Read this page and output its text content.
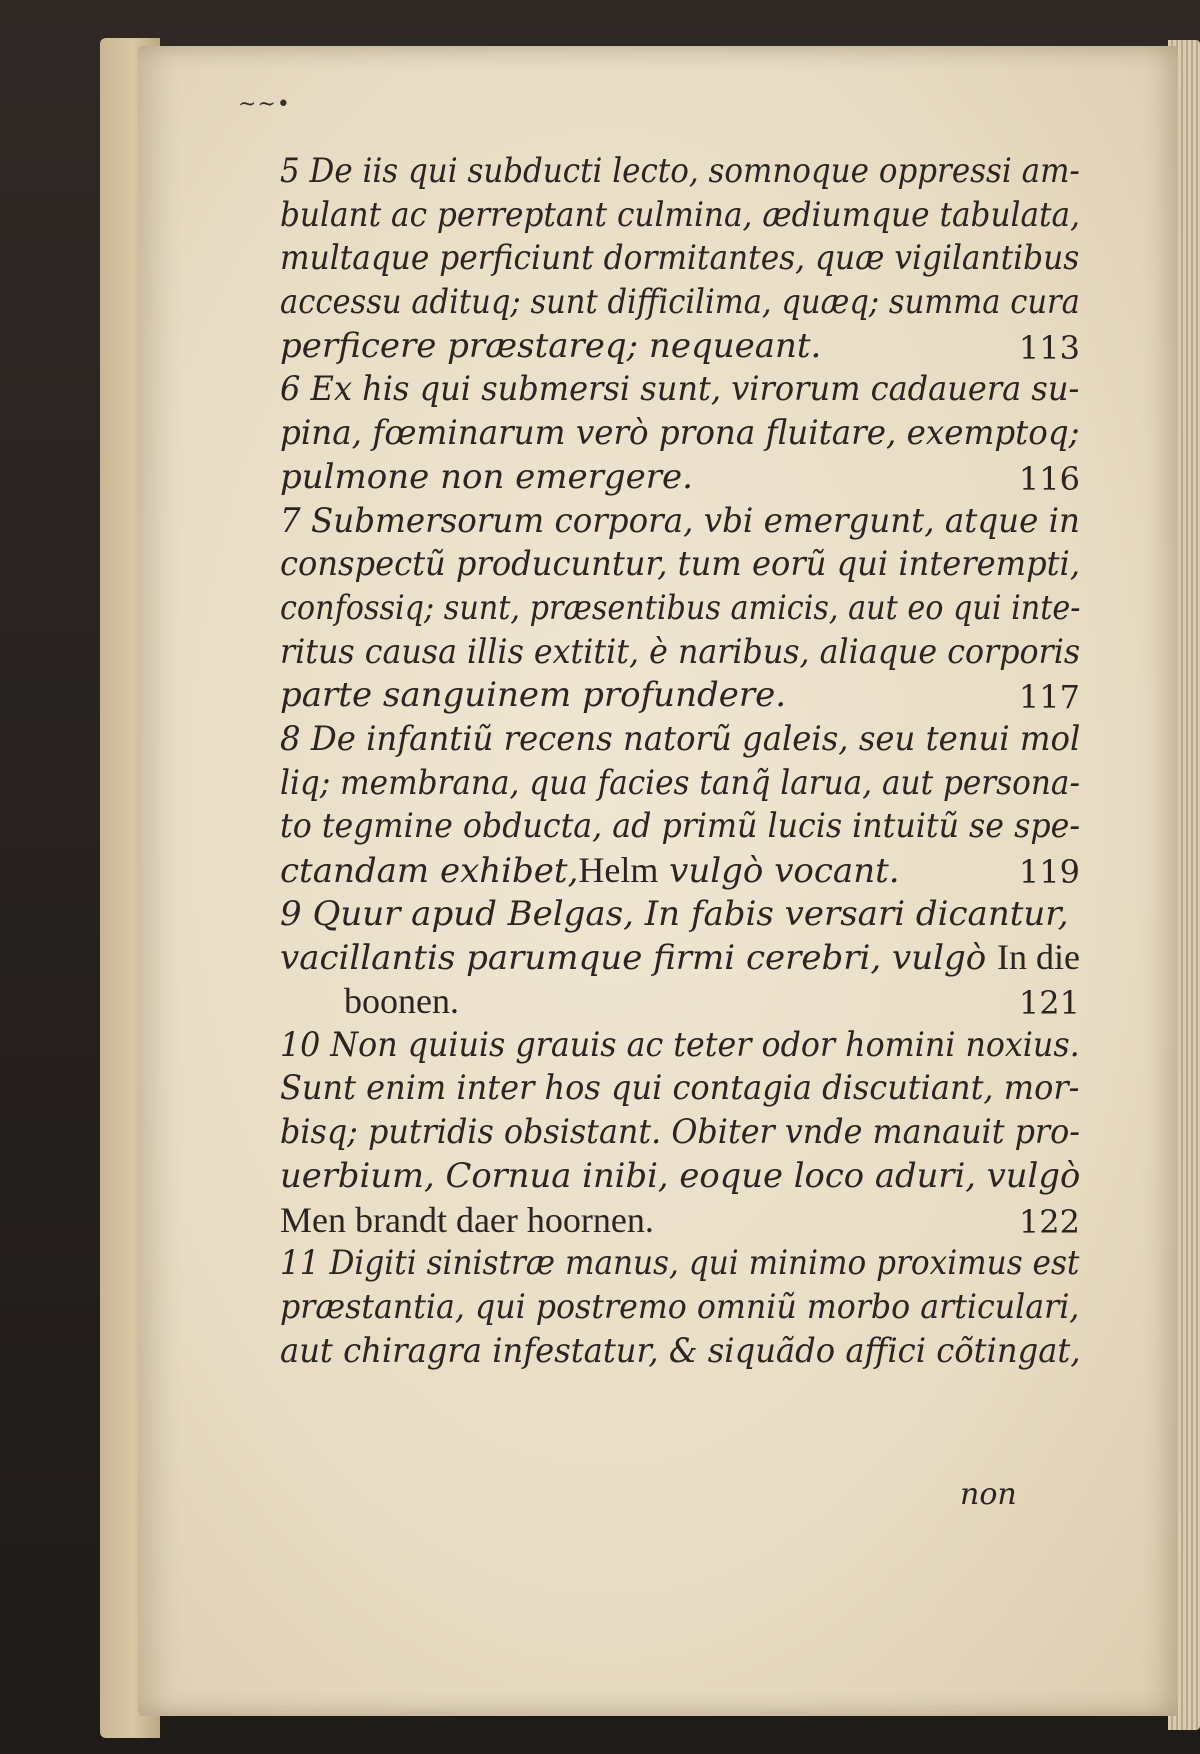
~~•
5 De iis qui subducti lecto, somnoque oppressi am-
bulant ac perreptant culmina, ædiumque tabulata,
multaque perficiunt dormitantes, quæ vigilantibus
accessu adituq; sunt difficilima, quæq; summa cura
perficere præstareq; nequeant.	113
6 Ex his qui submersi sunt, virorum cadauera su-
pina, fœminarum verò prona fluitare, exemptoq;
pulmone non emergere.	116
7 Submersorum corpora, vbi emergunt, atque in
conspectũ producuntur, tum eorũ qui interempti,
confossiq; sunt, præsentibus amicis, aut eo qui inte-
ritus causa illis extitit, è naribus, aliaque corporis
parte sanguinem profundere.	117
8 De infantiũ recens natorũ galeis, seu tenui mol
liq; membrana, qua facies tanq̃ larua, aut persona-
to tegmine obducta, ad primũ lucis intuitũ se spe-
ctandam exhibet,Helm vulgò vocant.	119
9 Quur apud Belgas, In fabis versari dicantur,
vacillantis parumque firmi cerebri, vulgò In die
boonen.	121
10 Non quiuis grauis ac teter odor homini noxius.
Sunt enim inter hos qui contagia discutiant, mor-
bisq; putridis obsistant. Obiter vnde manauit pro-
uerbium, Cornua inibi, eoque loco aduri, vulgò
Men brandt daer hoornen.	122
11 Digiti sinistræ manus, qui minimo proximus est
præstantia, qui postremo omniũ morbo articulari,
aut chiragra infestatur, & siquãdo affici cõtingat,
non
